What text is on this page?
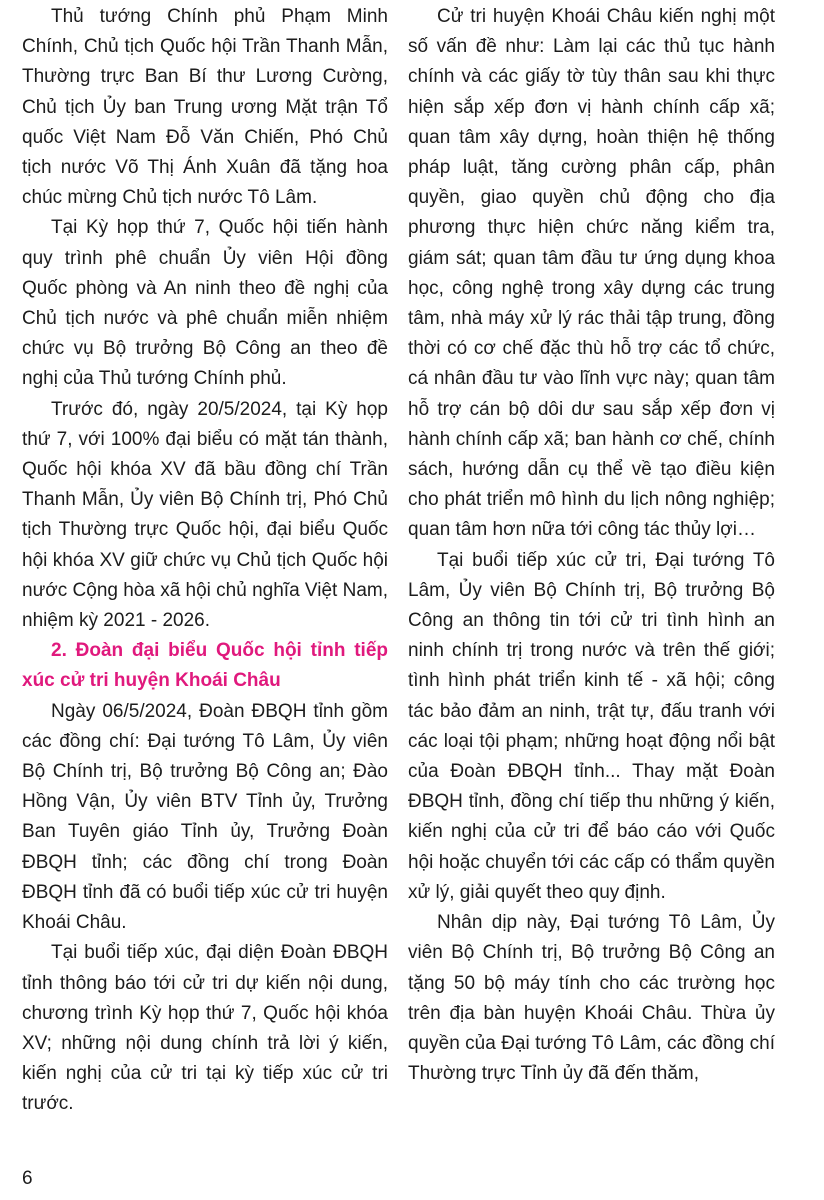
Thủ tướng Chính phủ Phạm Minh Chính, Chủ tịch Quốc hội Trần Thanh Mẫn, Thường trực Ban Bí thư Lương Cường, Chủ tịch Ủy ban Trung ương Mặt trận Tổ quốc Việt Nam Đỗ Văn Chiến, Phó Chủ tịch nước Võ Thị Ánh Xuân đã tặng hoa chúc mừng Chủ tịch nước Tô Lâm.

Tại Kỳ họp thứ 7, Quốc hội tiến hành quy trình phê chuẩn Ủy viên Hội đồng Quốc phòng và An ninh theo đề nghị của Chủ tịch nước và phê chuẩn miễn nhiệm chức vụ Bộ trưởng Bộ Công an theo đề nghị của Thủ tướng Chính phủ.

Trước đó, ngày 20/5/2024, tại Kỳ họp thứ 7, với 100% đại biểu có mặt tán thành, Quốc hội khóa XV đã bầu đồng chí Trần Thanh Mẫn, Ủy viên Bộ Chính trị, Phó Chủ tịch Thường trực Quốc hội, đại biểu Quốc hội khóa XV giữ chức vụ Chủ tịch Quốc hội nước Cộng hòa xã hội chủ nghĩa Việt Nam, nhiệm kỳ 2021 - 2026.

2. Đoàn đại biểu Quốc hội tỉnh tiếp xúc cử tri huyện Khoái Châu

Ngày 06/5/2024, Đoàn ĐBQH tỉnh gồm các đồng chí: Đại tướng Tô Lâm, Ủy viên Bộ Chính trị, Bộ trưởng Bộ Công an; Đào Hồng Vận, Ủy viên BTV Tỉnh ủy, Trưởng Ban Tuyên giáo Tỉnh ủy, Trưởng Đoàn ĐBQH tỉnh; các đồng chí trong Đoàn ĐBQH tỉnh đã có buổi tiếp xúc cử tri huyện Khoái Châu.

Tại buổi tiếp xúc, đại diện Đoàn ĐBQH tỉnh thông báo tới cử tri dự kiến nội dung, chương trình Kỳ họp thứ 7, Quốc hội khóa XV; những nội dung chính trả lời ý kiến, kiến nghị của cử tri tại kỳ tiếp xúc cử tri trước.

Cử tri huyện Khoái Châu kiến nghị một số vấn đề như: Làm lại các thủ tục hành chính và các giấy tờ tùy thân sau khi thực hiện sắp xếp đơn vị hành chính cấp xã; quan tâm xây dựng, hoàn thiện hệ thống pháp luật, tăng cường phân cấp, phân quyền, giao quyền chủ động cho địa phương thực hiện chức năng kiểm tra, giám sát; quan tâm đầu tư ứng dụng khoa học, công nghệ trong xây dựng các trung tâm, nhà máy xử lý rác thải tập trung, đồng thời có cơ chế đặc thù hỗ trợ các tổ chức, cá nhân đầu tư vào lĩnh vực này; quan tâm hỗ trợ cán bộ dôi dư sau sắp xếp đơn vị hành chính cấp xã; ban hành cơ chế, chính sách, hướng dẫn cụ thể về tạo điều kiện cho phát triển mô hình du lịch nông nghiệp; quan tâm hơn nữa tới công tác thủy lợi…

Tại buổi tiếp xúc cử tri, Đại tướng Tô Lâm, Ủy viên Bộ Chính trị, Bộ trưởng Bộ Công an thông tin tới cử tri tình hình an ninh chính trị trong nước và trên thế giới; tình hình phát triển kinh tế - xã hội; công tác bảo đảm an ninh, trật tự, đấu tranh với các loại tội phạm; những hoạt động nổi bật của Đoàn ĐBQH tỉnh... Thay mặt Đoàn ĐBQH tỉnh, đồng chí tiếp thu những ý kiến, kiến nghị của cử tri để báo cáo với Quốc hội hoặc chuyển tới các cấp có thẩm quyền xử lý, giải quyết theo quy định.

Nhân dịp này, Đại tướng Tô Lâm, Ủy viên Bộ Chính trị, Bộ trưởng Bộ Công an tặng 50 bộ máy tính cho các trường học trên địa bàn huyện Khoái Châu. Thừa ủy quyền của Đại tướng Tô Lâm, các đồng chí Thường trực Tỉnh ủy đã đến thăm,

6
